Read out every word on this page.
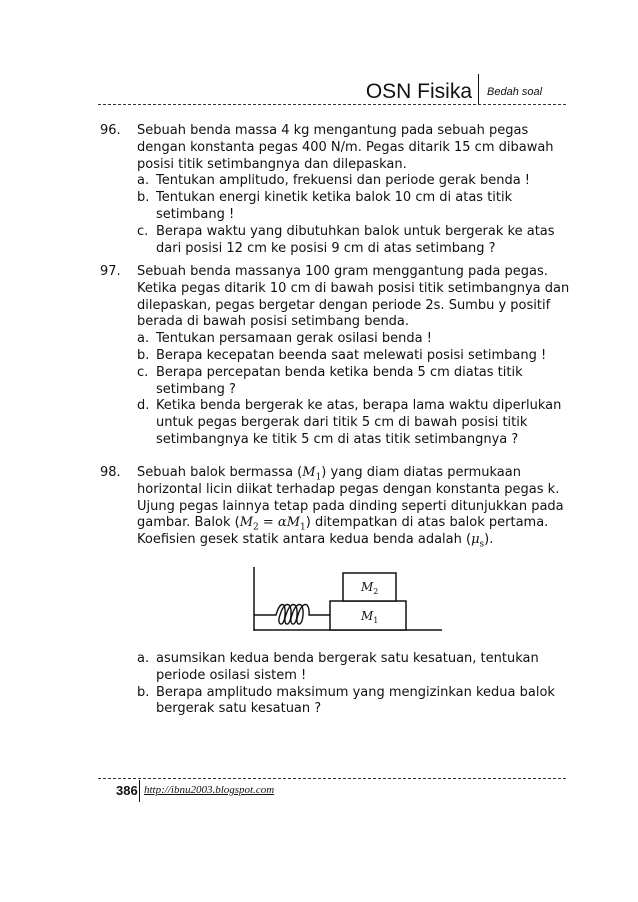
OSN Fisika Bedah soal
96.	Sebuah benda massa 4 kg mengantung pada sebuah pegas dengan konstanta pegas 400 N/m. Pegas ditarik 15 cm dibawah posisi titik setimbangnya dan dilepaskan.
a. Tentukan amplitudo, frekuensi dan periode gerak benda !
b. Tentukan energi kinetik ketika balok 10 cm di atas titik setimbang !
c. Berapa waktu yang dibutuhkan balok untuk bergerak ke atas dari posisi 12 cm ke posisi 9 cm di atas setimbang ?
97.	Sebuah benda massanya 100 gram menggantung pada pegas. Ketika pegas ditarik 10 cm di bawah posisi titik setimbangnya dan dilepaskan, pegas bergetar dengan periode 2s. Sumbu y positif berada di bawah posisi setimbang benda.
a. Tentukan persamaan gerak osilasi benda !
b. Berapa kecepatan beenda saat melewati posisi setimbang !
c. Berapa percepatan benda ketika benda 5 cm diatas titik setimbang ?
d. Ketika benda bergerak ke atas, berapa lama waktu diperlukan untuk pegas bergerak dari titik 5 cm di bawah posisi titik setimbangnya ke titik 5 cm di atas titik setimbangnya ?
98.	Sebuah balok bermassa $(M_1)$ yang diam diatas permukaan horizontal licin diikat terhadap pegas dengan konstanta pegas k. Ujung pegas lainnya tetap pada dinding seperti ditunjukkan pada gambar. Balok $(M_2 = \alpha M_1)$ ditempatkan di atas balok pertama. Koefisien gesek statik antara kedua benda adalah $(\mu_s)$.
$M_2$
$M_1$
a. asumsikan kedua benda bergerak satu kesatuan, tentukan periode osilasi sistem !
b. Berapa amplitudo maksimum yang mengizinkan kedua balok bergerak satu kesatuan ?
386 http://ibnu2003.blogspot.com
